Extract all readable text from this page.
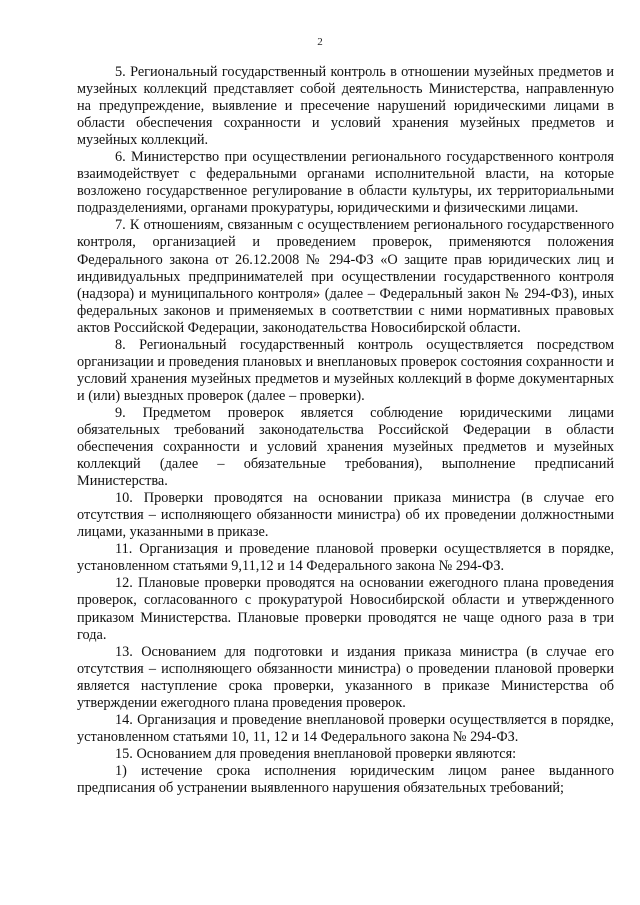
2

5. Региональный государственный контроль в отношении музейных предметов и музейных коллекций представляет собой деятельность Министерства, направленную на предупреждение, выявление и пресечение нарушений юридическими лицами в области обеспечения сохранности и условий хранения музейных предметов и музейных коллекций.

6. Министерство при осуществлении регионального государственного контроля взаимодействует с федеральными органами исполнительной власти, на которые возложено государственное регулирование в области культуры, их территориальными подразделениями, органами прокуратуры, юридическими и физическими лицами.

7. К отношениям, связанным с осуществлением регионального государственного контроля, организацией и проведением проверок, применяются положения Федерального закона от 26.12.2008 № 294-ФЗ «О защите прав юридических лиц и индивидуальных предпринимателей при осуществлении государственного контроля (надзора) и муниципального контроля» (далее – Федеральный закон № 294-ФЗ), иных федеральных законов и применяемых в соответствии с ними нормативных правовых актов Российской Федерации, законодательства Новосибирской области.

8. Региональный государственный контроль осуществляется посредством организации и проведения плановых и внеплановых проверок состояния сохранности и условий хранения музейных предметов и музейных коллекций в форме документарных и (или) выездных проверок (далее – проверки).

9. Предметом проверок является соблюдение юридическими лицами обязательных требований законодательства Российской Федерации в области обеспечения сохранности и условий хранения музейных предметов и музейных коллекций (далее – обязательные требования), выполнение предписаний Министерства.

10. Проверки проводятся на основании приказа министра (в случае его отсутствия – исполняющего обязанности министра) об их проведении должностными лицами, указанными в приказе.

11. Организация и проведение плановой проверки осуществляется в порядке, установленном статьями 9,11,12 и 14 Федерального закона № 294-ФЗ.

12. Плановые проверки проводятся на основании ежегодного плана проведения проверок, согласованного с прокуратурой Новосибирской области и утвержденного приказом Министерства. Плановые проверки проводятся не чаще одного раза в три года.

13. Основанием для подготовки и издания приказа министра (в случае его отсутствия – исполняющего обязанности министра) о проведении плановой проверки является наступление срока проверки, указанного в приказе Министерства об утверждении ежегодного плана проведения проверок.

14. Организация и проведение внеплановой проверки осуществляется в порядке, установленном статьями 10, 11, 12 и 14 Федерального закона № 294-ФЗ.

15. Основанием для проведения внеплановой проверки являются:

1) истечение срока исполнения юридическим лицом ранее выданного предписания об устранении выявленного нарушения обязательных требований;
